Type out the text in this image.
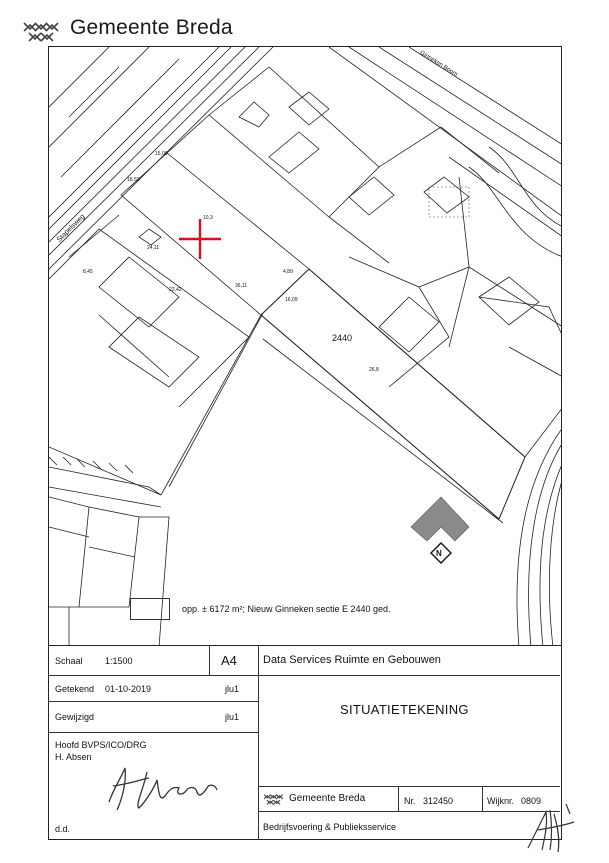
Gemeente Breda
2440
Stapelsweg
Ginneken Boom
18.53
15,09
10,3
36,11
4,89
24,11
22,42
8,45
16,09
26,8
N
opp. ± 6172 m²; Nieuw Ginneken sectie E 2440 ged.
Schaal 1:1500	A4 Data Services Ruimte en Gebouwen
Getekend 01-10-2019	jlu1
Gewijzigd	jlu1	SITUATIETEKENING
Hoofd BVPS/ICO/DRG
H. Absen
Gemeente Breda	Nr. 312450	Wijknr. 0809
d.d.	Bedrijfsvoering & Publieksservice
